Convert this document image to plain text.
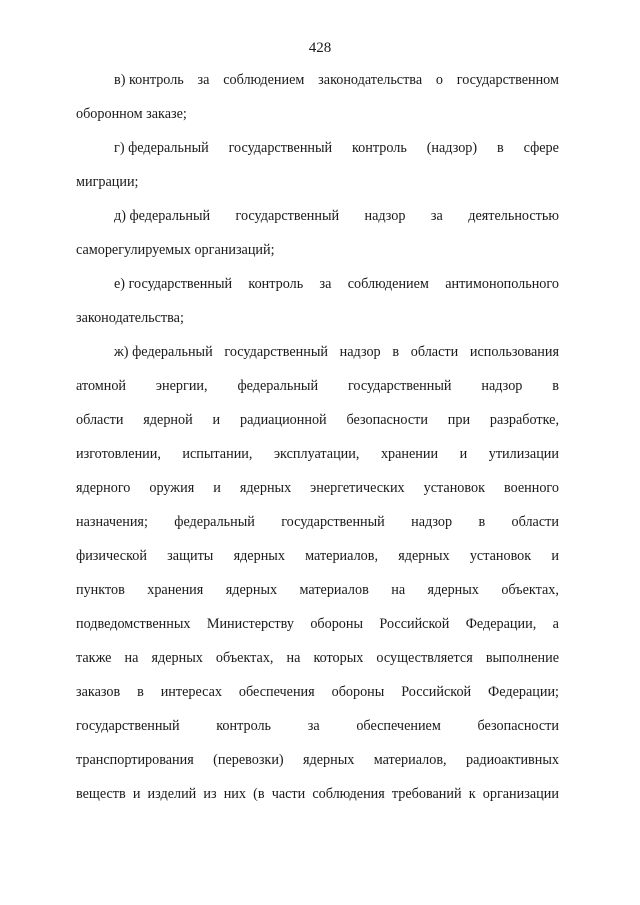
428
в) контроль за соблюдением законодательства о государственном
оборонном заказе;
г) федеральный государственный контроль (надзор) в сфере
миграции;
д) федеральный государственный надзор за деятельностью
саморегулируемых организаций;
е) государственный контроль за соблюдением антимонопольного
законодательства;
ж) федеральный государственный надзор в области использования
атомной энергии, федеральный государственный надзор в
области ядерной и радиационной безопасности при разработке,
изготовлении, испытании, эксплуатации, хранении и утилизации
ядерного оружия и ядерных энергетических установок военного
назначения; федеральный государственный надзор в области
физической защиты ядерных материалов, ядерных установок и
пунктов хранения ядерных материалов на ядерных объектах,
подведомственных Министерству обороны Российской Федерации, а
также на ядерных объектах, на которых осуществляется выполнение
заказов в интересах обеспечения обороны Российской Федерации;
государственный	контроль	за	обеспечением	безопасности
транспортирования (перевозки) ядерных материалов, радиоактивных
веществ и изделий из них (в части соблюдения требований к организации
